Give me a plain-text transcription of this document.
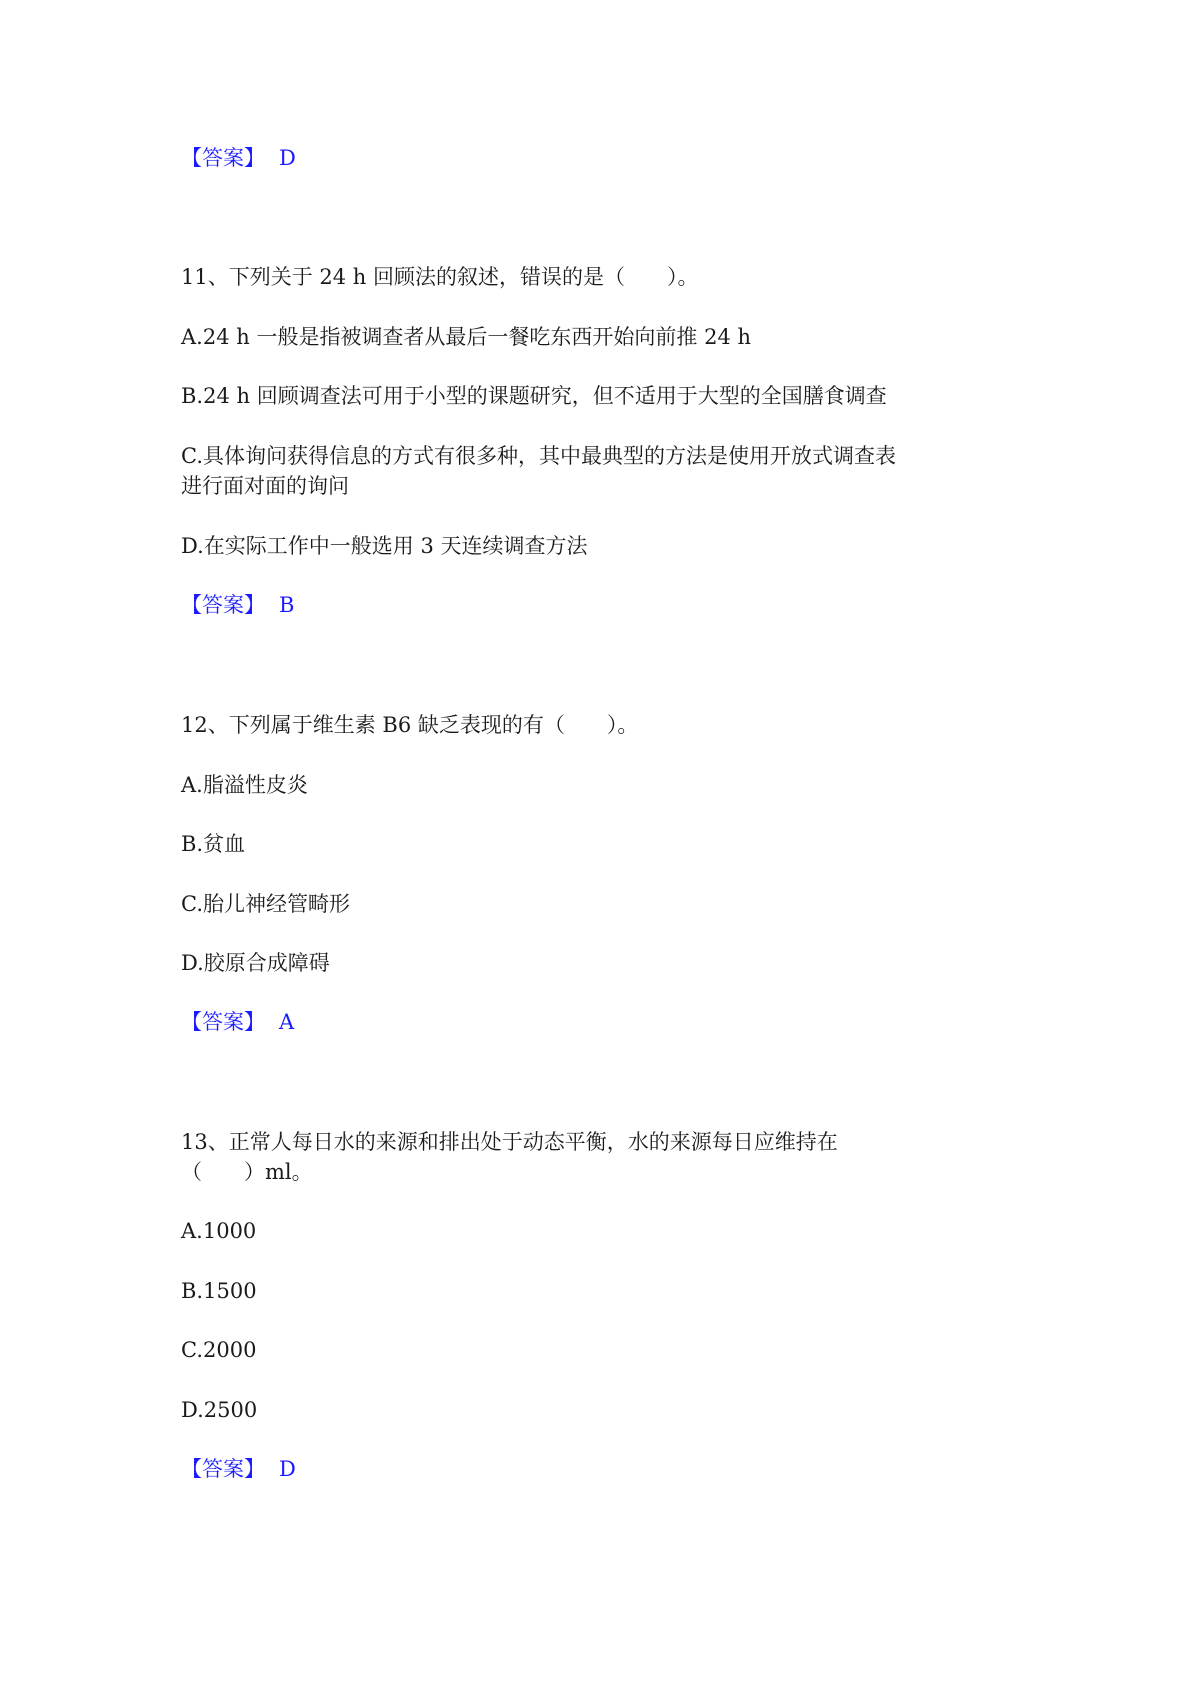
【答案】 D
11、下列关于 24 h 回顾法的叙述，错误的是（　　）。
A.24 h 一般是指被调查者从最后一餐吃东西开始向前推 24 h
B.24 h 回顾调查法可用于小型的课题研究，但不适用于大型的全国膳食调查
C.具体询问获得信息的方式有很多种，其中最典型的方法是使用开放式调查表
进行面对面的询问
D.在实际工作中一般选用 3 天连续调查方法
【答案】 B
12、下列属于维生素 B6 缺乏表现的有（　　）。
A.脂溢性皮炎
B.贫血
C.胎儿神经管畸形
D.胶原合成障碍
【答案】 A
13、正常人每日水的来源和排出处于动态平衡，水的来源每日应维持在
（　　）ml。
A.1000
B.1500
C.2000
D.2500
【答案】 D
